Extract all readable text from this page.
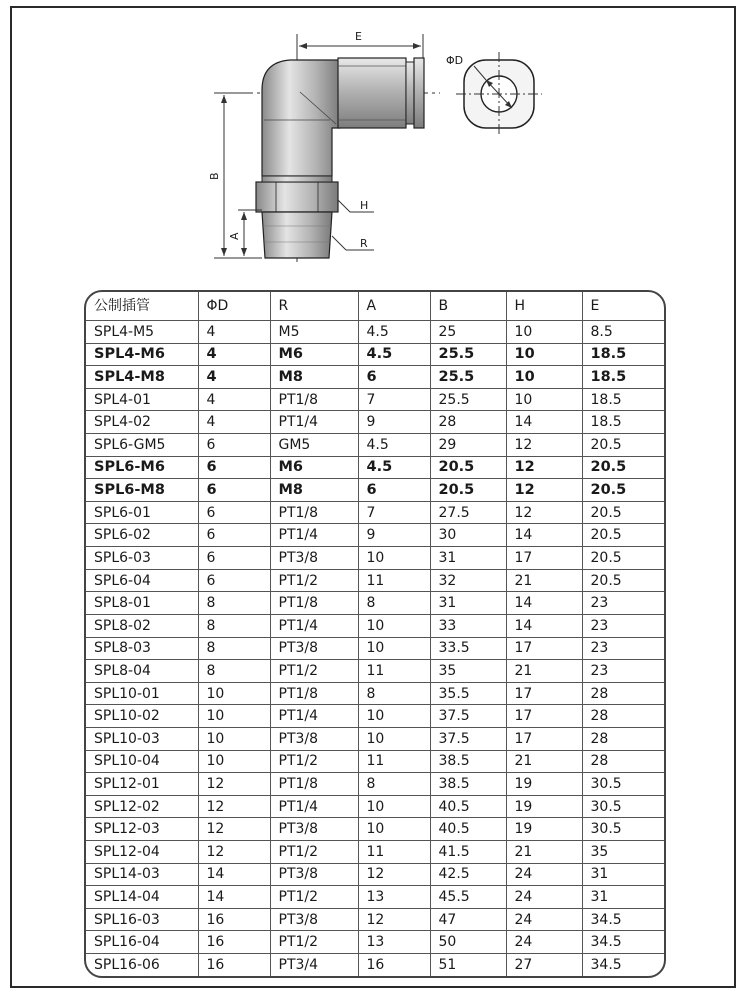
E
B
A
H
R
ΦD
公制插管	ΦD	R	A	B	H	E
SPL4-M5	4	M5	4.5	25	10	8.5
SPL4-M6	4	M6	4.5	25.5	10	18.5
SPL4-M8	4	M8	6	25.5	10	18.5
SPL4-01	4	PT1/8	7	25.5	10	18.5
SPL4-02	4	PT1/4	9	28	14	18.5
SPL6-GM5	6	GM5	4.5	29	12	20.5
SPL6-M6	6	M6	4.5	20.5	12	20.5
SPL6-M8	6	M8	6	20.5	12	20.5
SPL6-01	6	PT1/8	7	27.5	12	20.5
SPL6-02	6	PT1/4	9	30	14	20.5
SPL6-03	6	PT3/8	10	31	17	20.5
SPL6-04	6	PT1/2	11	32	21	20.5
SPL8-01	8	PT1/8	8	31	14	23
SPL8-02	8	PT1/4	10	33	14	23
SPL8-03	8	PT3/8	10	33.5	17	23
SPL8-04	8	PT1/2	11	35	21	23
SPL10-01	10	PT1/8	8	35.5	17	28
SPL10-02	10	PT1/4	10	37.5	17	28
SPL10-03	10	PT3/8	10	37.5	17	28
SPL10-04	10	PT1/2	11	38.5	21	28
SPL12-01	12	PT1/8	8	38.5	19	30.5
SPL12-02	12	PT1/4	10	40.5	19	30.5
SPL12-03	12	PT3/8	10	40.5	19	30.5
SPL12-04	12	PT1/2	11	41.5	21	35
SPL14-03	14	PT3/8	12	42.5	24	31
SPL14-04	14	PT1/2	13	45.5	24	31
SPL16-03	16	PT3/8	12	47	24	34.5
SPL16-04	16	PT1/2	13	50	24	34.5
SPL16-06	16	PT3/4	16	51	27	34.5
